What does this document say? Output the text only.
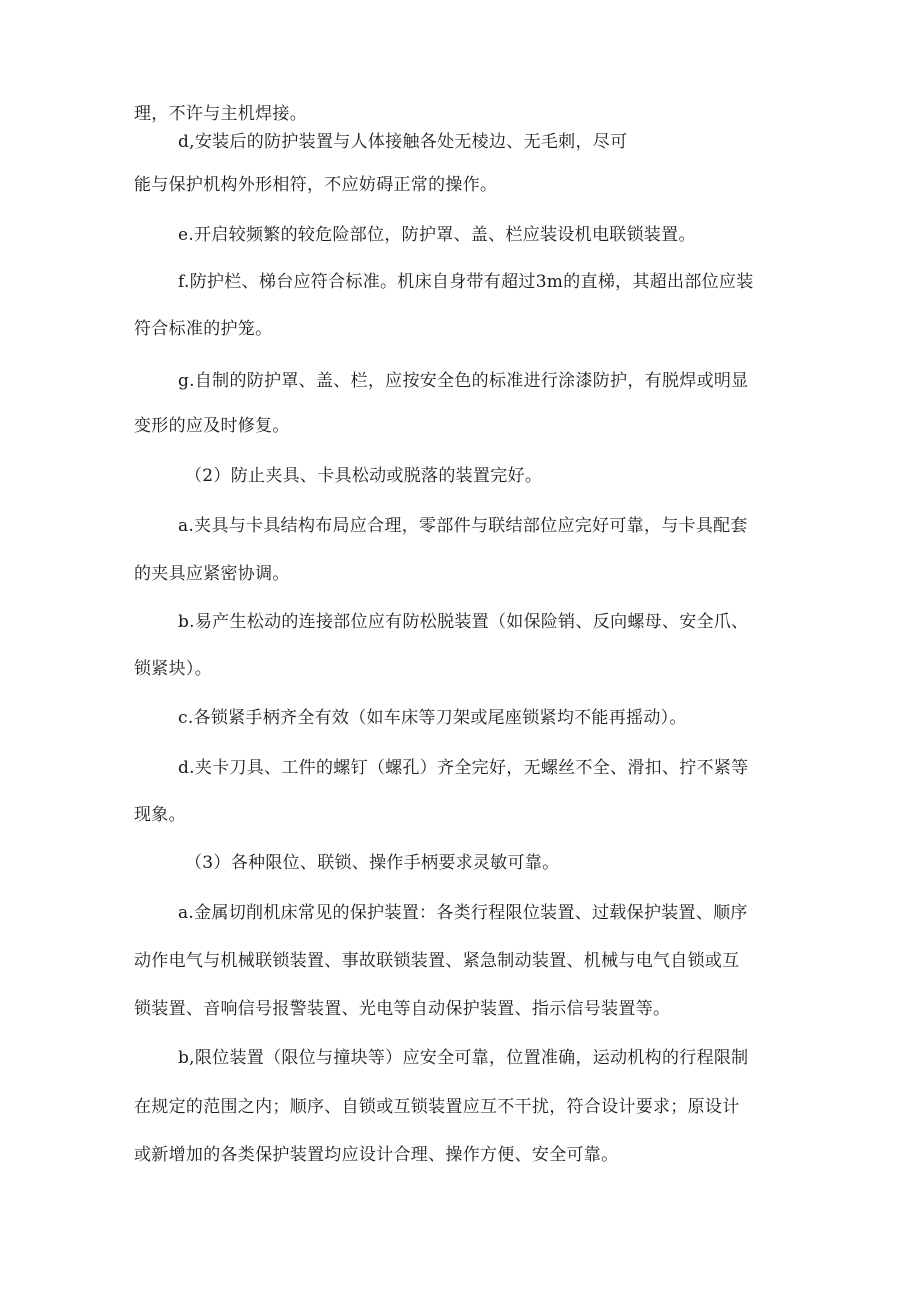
理，不许与主机焊接。
d,安装后的防护装置与人体接触各处无棱边、无毛刺，尽可
能与保护机构外形相符，不应妨碍正常的操作。
e.开启较频繁的较危险部位，防护罩、盖、栏应装设机电联锁装置。
f.防护栏、梯台应符合标准。机床自身带有超过3m的直梯，其超出部位应装
符合标准的护笼。
g.自制的防护罩、盖、栏，应按安全色的标准进行涂漆防护，有脱焊或明显
变形的应及时修复。
（2）防止夹具、卡具松动或脱落的装置完好。
a.夹具与卡具结构布局应合理，零部件与联结部位应完好可靠，与卡具配套
的夹具应紧密协调。
b.易产生松动的连接部位应有防松脱装置（如保险销、反向螺母、安全爪、
锁紧块）。
c.各锁紧手柄齐全有效（如车床等刀架或尾座锁紧均不能再摇动）。
d.夹卡刀具、工件的螺钉（螺孔）齐全完好，无螺丝不全、滑扣、拧不紧等
现象。
（3）各种限位、联锁、操作手柄要求灵敏可靠。
a.金属切削机床常见的保护装置：各类行程限位装置、过载保护装置、顺序
动作电气与机械联锁装置、事故联锁装置、紧急制动装置、机械与电气自锁或互
锁装置、音响信号报警装置、光电等自动保护装置、指示信号装置等。
b,限位装置（限位与撞块等）应安全可靠，位置准确，运动机构的行程限制
在规定的范围之内；顺序、自锁或互锁装置应互不干扰，符合设计要求；原设计
或新增加的各类保护装置均应设计合理、操作方便、安全可靠。
